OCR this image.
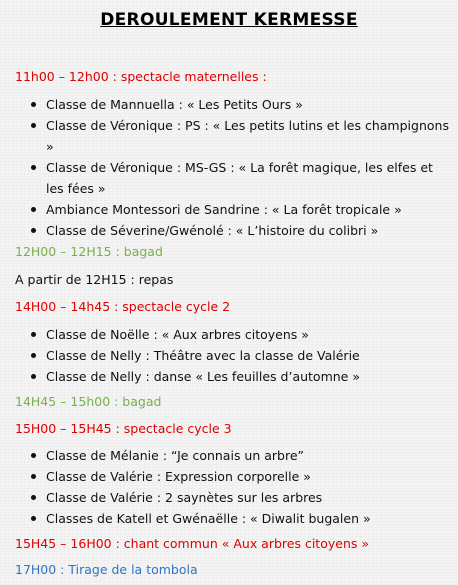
DEROULEMENT KERMESSE
11h00 – 12h00 : spectacle maternelles :
Classe de Mannuella : « Les Petits Ours »
Classe de Véronique : PS : « Les petits lutins et les champignons »
Classe de Véronique : MS-GS : « La forêt magique, les elfes et les fées »
Ambiance Montessori de Sandrine : « La forêt tropicale »
Classe de Séverine/Gwénolé : « L’histoire du colibri »
12H00 – 12H15 : bagad
A partir de 12H15 : repas
14H00 – 14h45 : spectacle cycle 2
Classe de Noëlle : « Aux arbres citoyens »
Classe de Nelly : Théâtre avec la classe de Valérie
Classe de Nelly : danse « Les feuilles d’automne »
14H45 – 15h00 : bagad
15H00 – 15H45 : spectacle cycle 3
Classe de Mélanie : “Je connais un arbre”
Classe de Valérie : Expression corporelle »
Classe de Valérie : 2 saynètes sur les arbres
Classes de Katell et Gwénaëlle : « Diwalit bugalen »
15H45 – 16H00 : chant commun « Aux arbres citoyens »
17H00 : Tirage de la tombola
